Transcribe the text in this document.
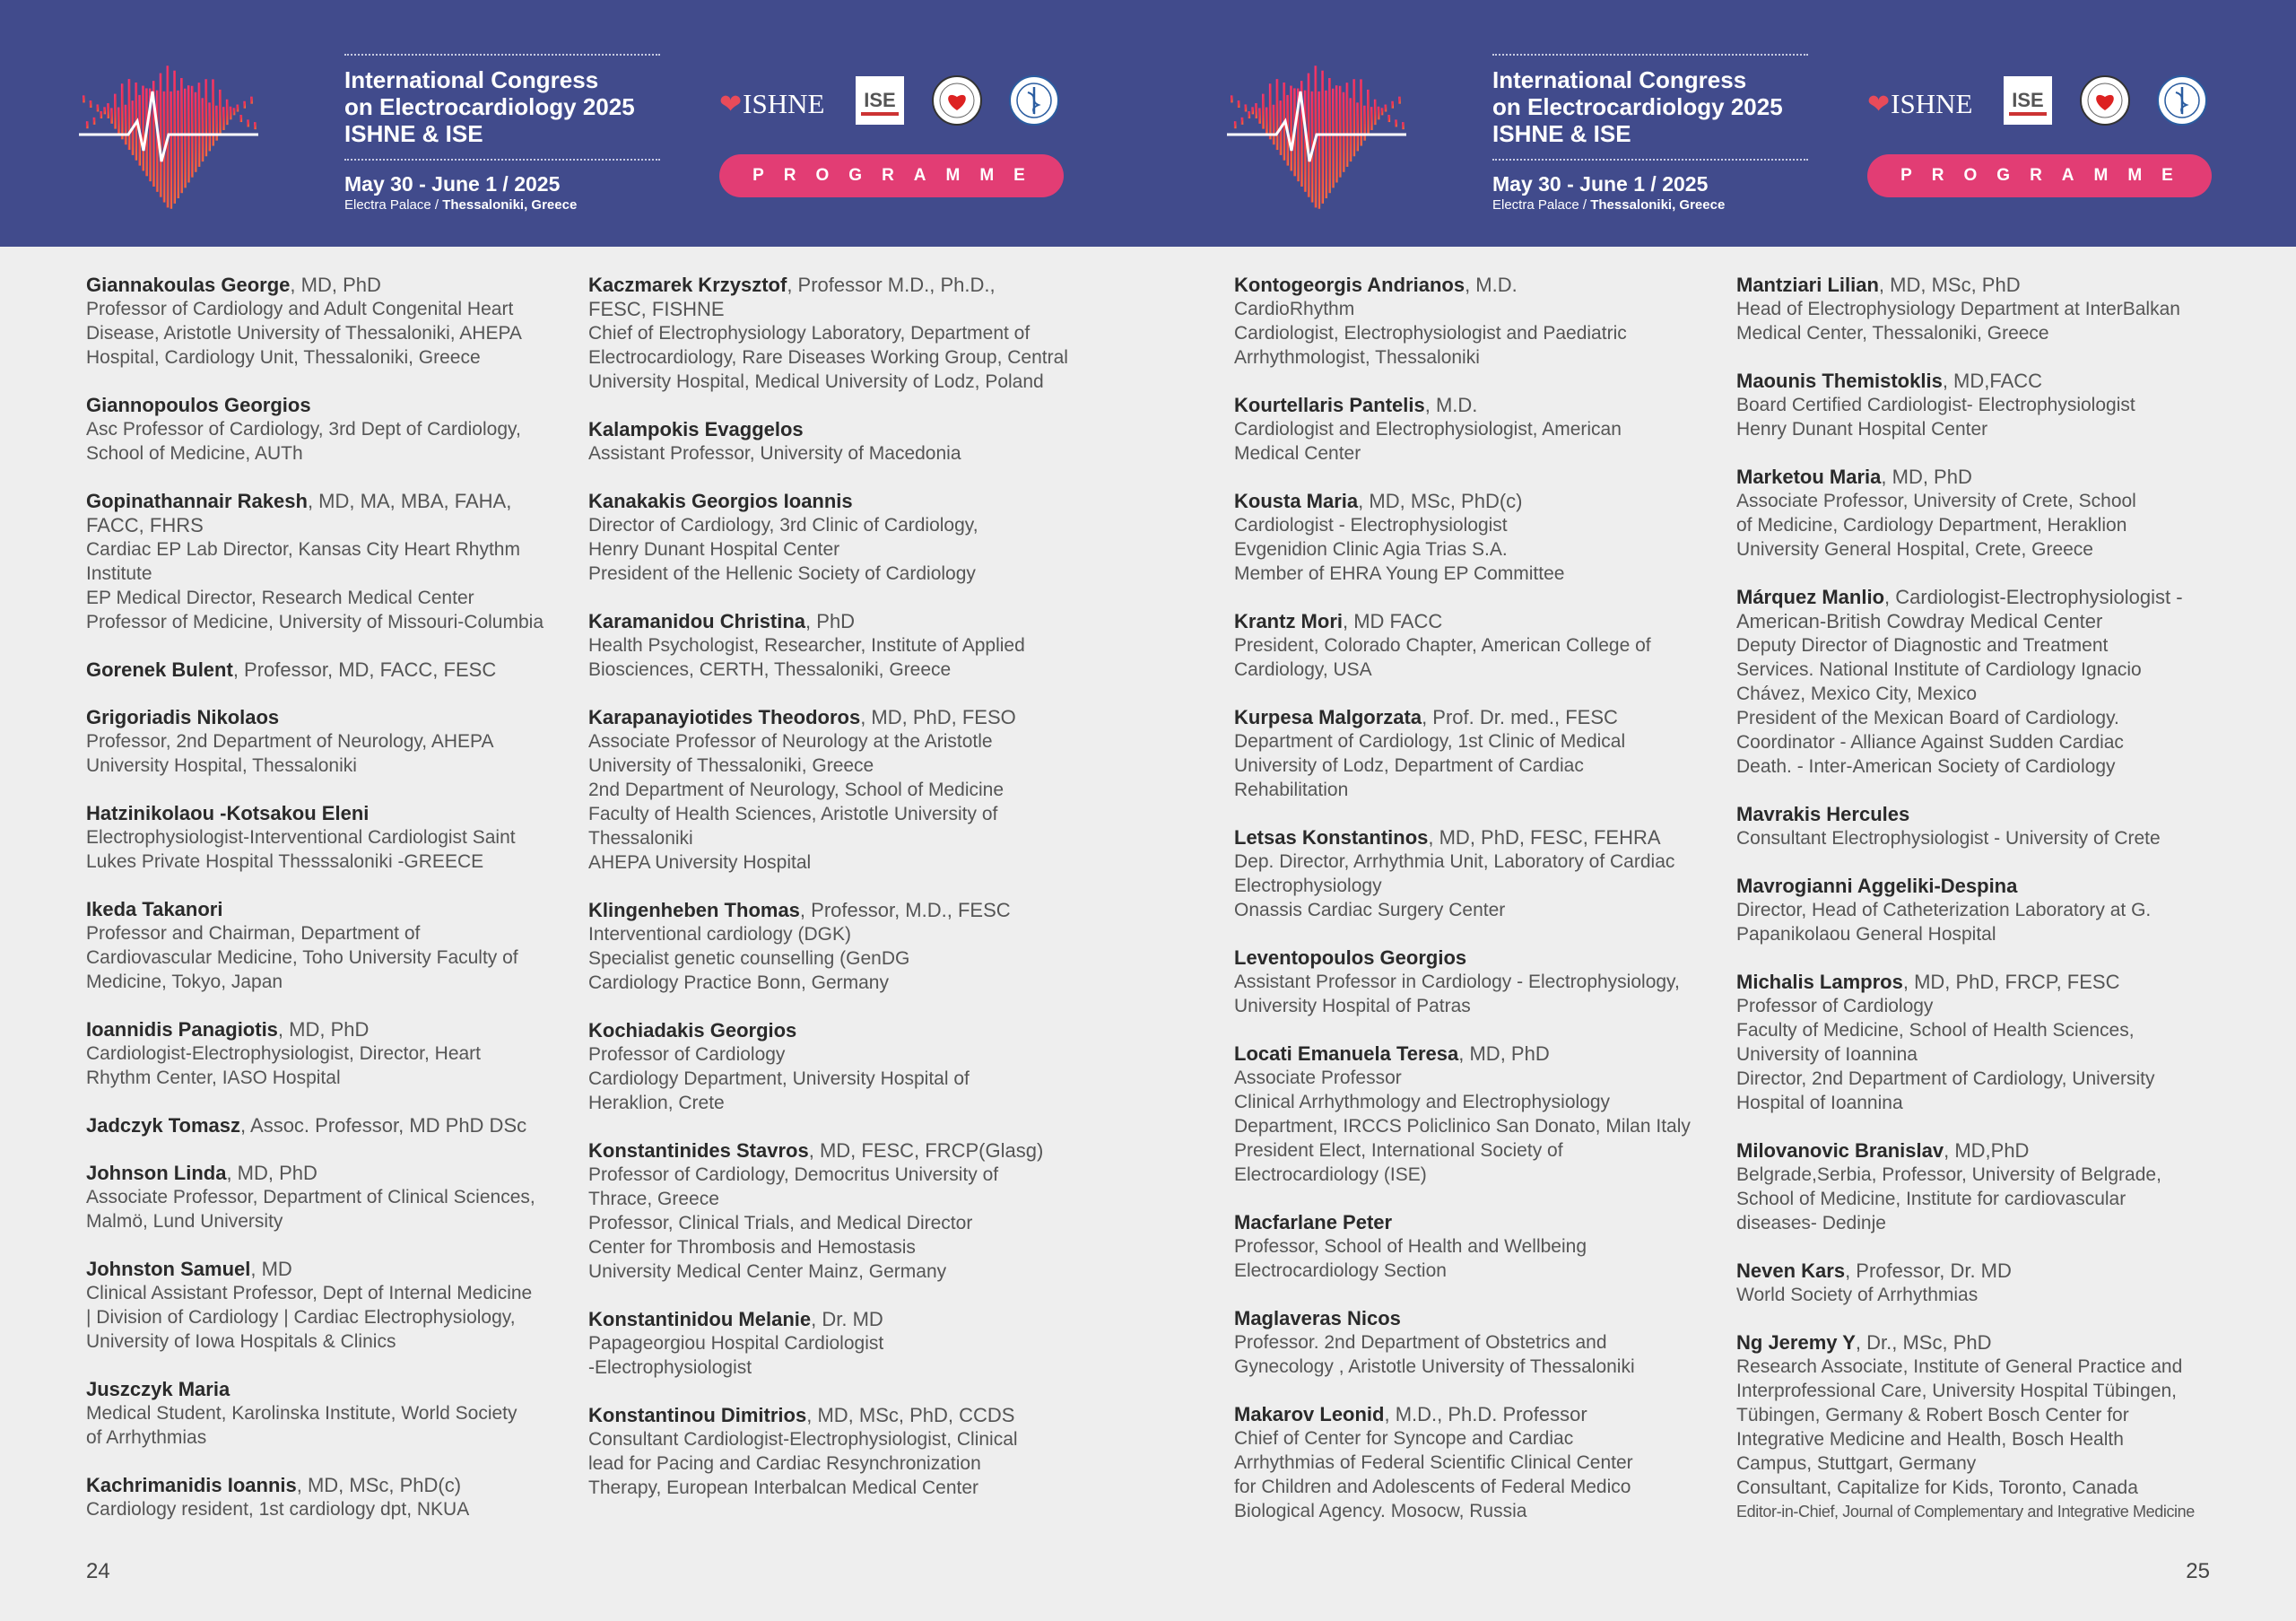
International Congress
on Electrocardiology 2025
ISHNE & ISE
May 30 - June 1 / 2025
Electra Palace / Thessaloniki, Greece
❤ ISHNE ISE
PROGRAMME
Giannakoulas George, MD, PhD
Professor of Cardiology and Adult Congenital Heart
Disease, Aristotle University of Thessaloniki, AHEPA
Hospital, Cardiology Unit, Thessaloniki, Greece
Giannopoulos Georgios
Asc Professor of Cardiology, 3rd Dept of Cardiology,
School of Medicine, AUTh
Gopinathannair Rakesh, MD, MA, MBA, FAHA,
FACC, FHRS
Cardiac EP Lab Director, Kansas City Heart Rhythm Institute
EP Medical Director, Research Medical Center
Professor of Medicine, University of Missouri-Columbia
Gorenek Bulent, Professor, MD, FACC, FESC
Grigoriadis Nikolaos
Professor, 2nd Department of Neurology, AHEPA
University Hospital, Thessaloniki
Hatzinikolaou -Kotsakou Eleni
Electrophysiologist-Interventional Cardiologist Saint
Lukes Private Hospital Thesssaloniki -GREECE
Ikeda Takanori
Professor and Chairman, Department of
Cardiovascular Medicine, Toho University Faculty of
Medicine, Tokyo, Japan
Ioannidis Panagiotis, MD, PhD
Cardiologist-Electrophysiologist, Director, Heart
Rhythm Center, IASO Hospital
Jadczyk Tomasz, Assoc. Professor, MD PhD DSc
Johnson Linda, MD, PhD
Associate Professor, Department of Clinical Sciences,
Malmö, Lund University
Johnston Samuel, MD
Clinical Assistant Professor, Dept of Internal Medicine
| Division of Cardiology | Cardiac Electrophysiology,
University of Iowa Hospitals & Clinics
Juszczyk Maria
Medical Student, Karolinska Institute, World Society
of Arrhythmias
Kachrimanidis Ioannis, MD, MSc, PhD(c)
Cardiology resident, 1st cardiology dpt, NKUA
Kaczmarek Krzysztof, Professor M.D., Ph.D.,
FESC, FISHNE
Chief of Electrophysiology Laboratory, Department of
Electrocardiology, Rare Diseases Working Group, Central
University Hospital, Medical University of Lodz, Poland
Kalampokis Evaggelos
Assistant Professor, University of Macedonia
Kanakakis Georgios Ioannis
Director of Cardiology, 3rd Clinic of Cardiology,
Henry Dunant Hospital Center
President of the Hellenic Society of Cardiology
Karamanidou Christina, PhD
Health Psychologist, Researcher, Institute of Applied
Biosciences, CERTH, Thessaloniki, Greece
Karapanayiotides Theodoros, MD, PhD, FESO
Associate Professor of Neurology at the Aristotle
University of Thessaloniki, Greece
2nd Department of Neurology, School of Medicine
Faculty of Health Sciences, Aristotle University of
Thessaloniki
AHEPA University Hospital
Klingenheben Thomas, Professor, M.D., FESC
Interventional cardiology (DGK)
Specialist genetic counselling (GenDG
Cardiology Practice Bonn, Germany
Kochiadakis Georgios
Professor of Cardiology
Cardiology Department, University Hospital of
Heraklion, Crete
Konstantinides Stavros, MD, FESC, FRCP(Glasg)
Professor of Cardiology, Democritus University of
Thrace, Greece
Professor, Clinical Trials, and Medical Director
Center for Thrombosis and Hemostasis
University Medical Center Mainz, Germany
Konstantinidou Melanie, Dr. MD
Papageorgiou Hospital Cardiologist
-Electrophysiologist
Konstantinou Dimitrios, MD, MSc, PhD, CCDS
Consultant Cardiologist-Electrophysiologist, Clinical
lead for Pacing and Cardiac Resynchronization
Therapy, European Interbalcan Medical Center
24
International Congress
on Electrocardiology 2025
ISHNE & ISE
May 30 - June 1 / 2025
Electra Palace / Thessaloniki, Greece
❤ ISHNE ISE
PROGRAMME
Kontogeorgis Andrianos, M.D.
CardioRhythm
Cardiologist, Electrophysiologist and Paediatric
Arrhythmologist, Thessaloniki
Kourtellaris Pantelis, M.D.
Cardiologist and Electrophysiologist, American
Medical Center
Kousta Maria, MD, MSc, PhD(c)
Cardiologist - Electrophysiologist
Evgenidion Clinic Agia Trias S.A.
Member of EHRA Young EP Committee
Krantz Mori, MD FACC
President, Colorado Chapter, American College of
Cardiology, USA
Kurpesa Malgorzata, Prof. Dr. med., FESC
Department of Cardiology, 1st Clinic of Medical
University of Lodz, Department of Cardiac
Rehabilitation
Letsas Konstantinos, MD, PhD, FESC, FEHRA
Dep. Director, Arrhythmia Unit, Laboratory of Cardiac
Electrophysiology
Onassis Cardiac Surgery Center
Leventopoulos Georgios
Assistant Professor in Cardiology - Electrophysiology,
University Hospital of Patras
Locati Emanuela Teresa, MD, PhD
Associate Professor
Clinical Arrhythmology and Electrophysiology
Department, IRCCS Policlinico San Donato, Milan Italy
President Elect, International Society of
Electrocardiology (ISE)
Macfarlane Peter
Professor, School of Health and Wellbeing
Electrocardiology Section
Maglaveras Nicos
Professor. 2nd Department of Obstetrics and
Gynecology , Aristotle University of Thessaloniki
Makarov Leonid, M.D., Ph.D. Professor
Chief of Center for Syncope and Cardiac
Arrhythmias of Federal Scientific Clinical Center
for Children and Adolescents of Federal Medico
Biological Agency. Mosocw, Russia
Mantziari Lilian, MD, MSc, PhD
Head of Electrophysiology Department at InterBalkan
Medical Center, Thessaloniki, Greece
Maounis Themistoklis, MD,FACC
Board Certified Cardiologist- Electrophysiologist
Henry Dunant Hospital Center
Marketou Maria, MD, PhD
Associate Professor, University of Crete, School
of Medicine, Cardiology Department, Heraklion
University General Hospital, Crete, Greece
Márquez Manlio, Cardiologist-Electrophysiologist -
American-British Cowdray Medical Center
Deputy Director of Diagnostic and Treatment
Services. National Institute of Cardiology Ignacio
Chávez, Mexico City, Mexico
President of the Mexican Board of Cardiology.
Coordinator - Alliance Against Sudden Cardiac
Death. - Inter-American Society of Cardiology
Mavrakis Hercules
Consultant Electrophysiologist - University of Crete
Mavrogianni Aggeliki-Despina
Director, Head of Catheterization Laboratory at G.
Papanikolaou General Hospital
Michalis Lampros, MD, PhD, FRCP, FESC
Professor of Cardiology
Faculty of Medicine, School of Health Sciences,
University of Ioannina
Director, 2nd Department of Cardiology, University
Hospital of Ioannina
Milovanovic Branislav, MD,PhD
Belgrade,Serbia, Professor, University of Belgrade,
School of Medicine, Institute for cardiovascular
diseases- Dedinje
Neven Kars, Professor, Dr. MD
World Society of Arrhythmias
Ng Jeremy Y, Dr., MSc, PhD
Research Associate, Institute of General Practice and
Interprofessional Care, University Hospital Tübingen,
Tübingen, Germany & Robert Bosch Center for
Integrative Medicine and Health, Bosch Health
Campus, Stuttgart, Germany
Consultant, Capitalize for Kids, Toronto, Canada
Editor-in-Chief, Journal of Complementary and Integrative Medicine
25
